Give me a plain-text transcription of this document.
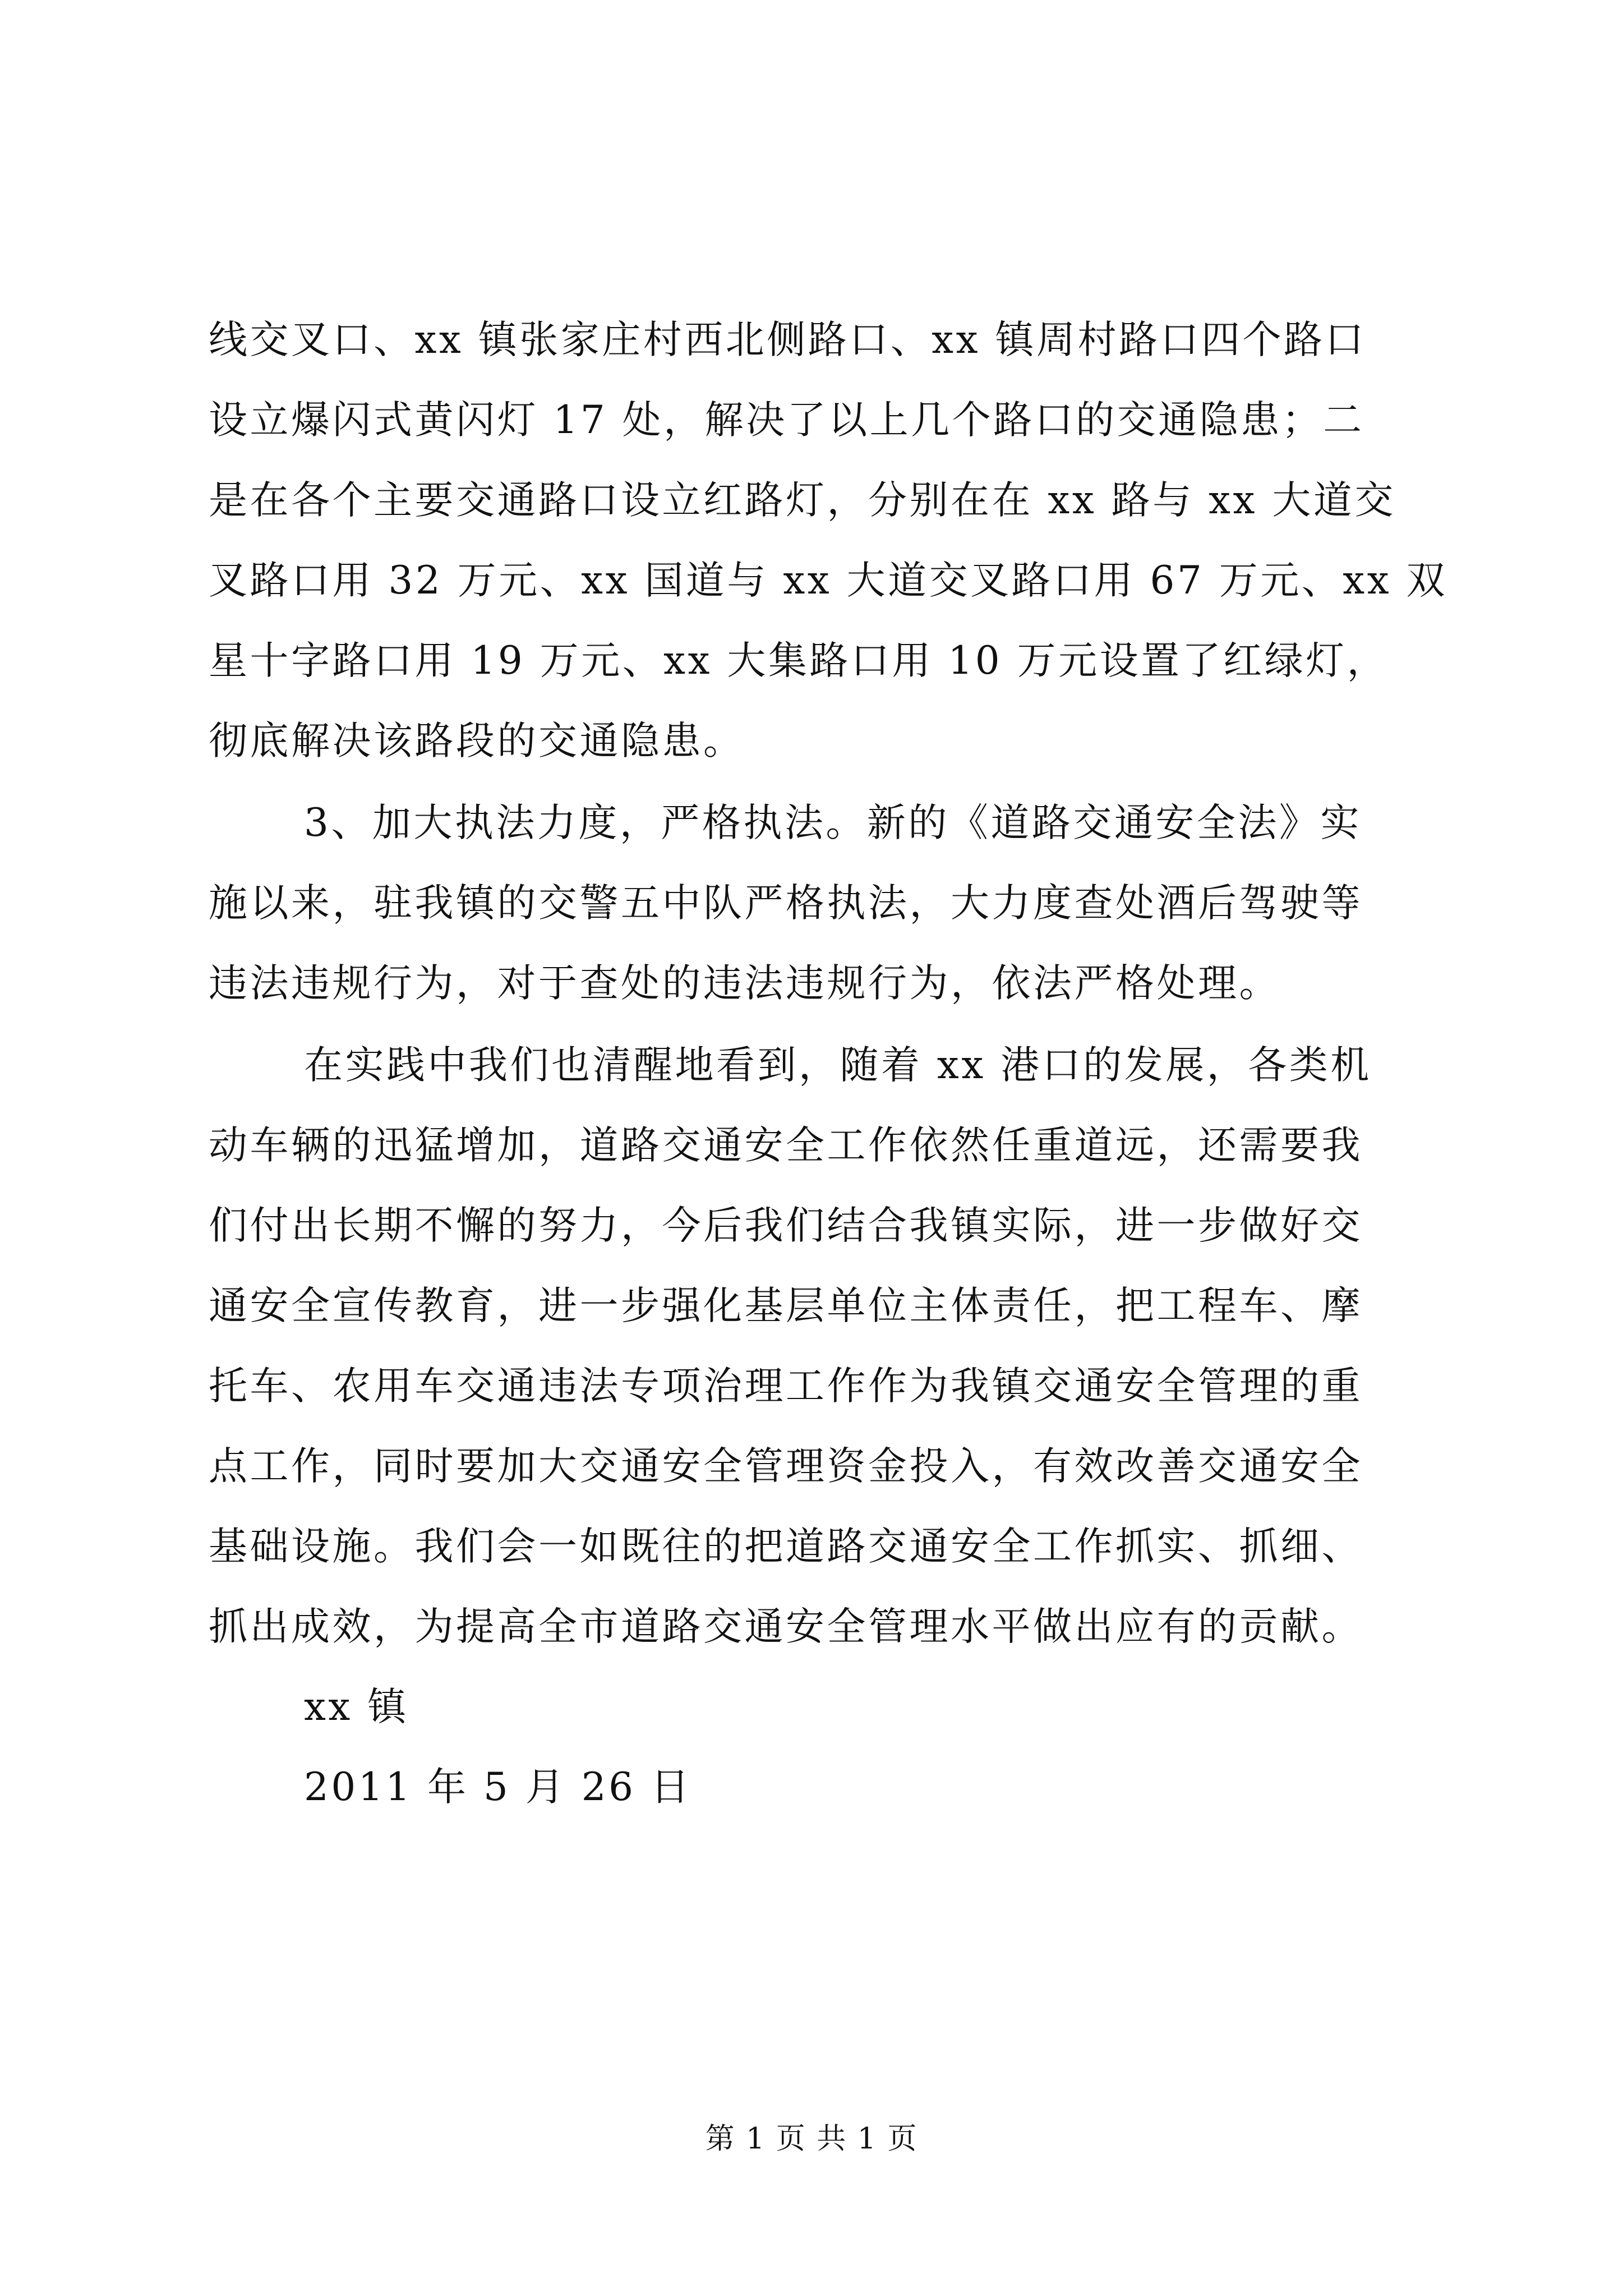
线交叉口、xx 镇张家庄村西北侧路口、xx 镇周村路口四个路口
设立爆闪式黄闪灯 17 处，解决了以上几个路口的交通隐患；二
是在各个主要交通路口设立红路灯，分别在在 xx 路与 xx 大道交
叉路口用 32 万元、xx 国道与 xx 大道交叉路口用 67 万元、xx 双
星十字路口用 19 万元、xx 大集路口用 10 万元设置了红绿灯，
彻底解决该路段的交通隐患。
3、加大执法力度，严格执法。新的《道路交通安全法》实
施以来，驻我镇的交警五中队严格执法，大力度查处酒后驾驶等
违法违规行为，对于查处的违法违规行为，依法严格处理。
在实践中我们也清醒地看到，随着 xx 港口的发展，各类机
动车辆的迅猛增加，道路交通安全工作依然任重道远，还需要我
们付出长期不懈的努力，今后我们结合我镇实际，进一步做好交
通安全宣传教育，进一步强化基层单位主体责任，把工程车、摩
托车、农用车交通违法专项治理工作作为我镇交通安全管理的重
点工作，同时要加大交通安全管理资金投入，有效改善交通安全
基础设施。我们会一如既往的把道路交通安全工作抓实、抓细、
抓出成效，为提高全市道路交通安全管理水平做出应有的贡献。
xx 镇
2011 年 5 月 26 日
第 1 页 共 1 页
